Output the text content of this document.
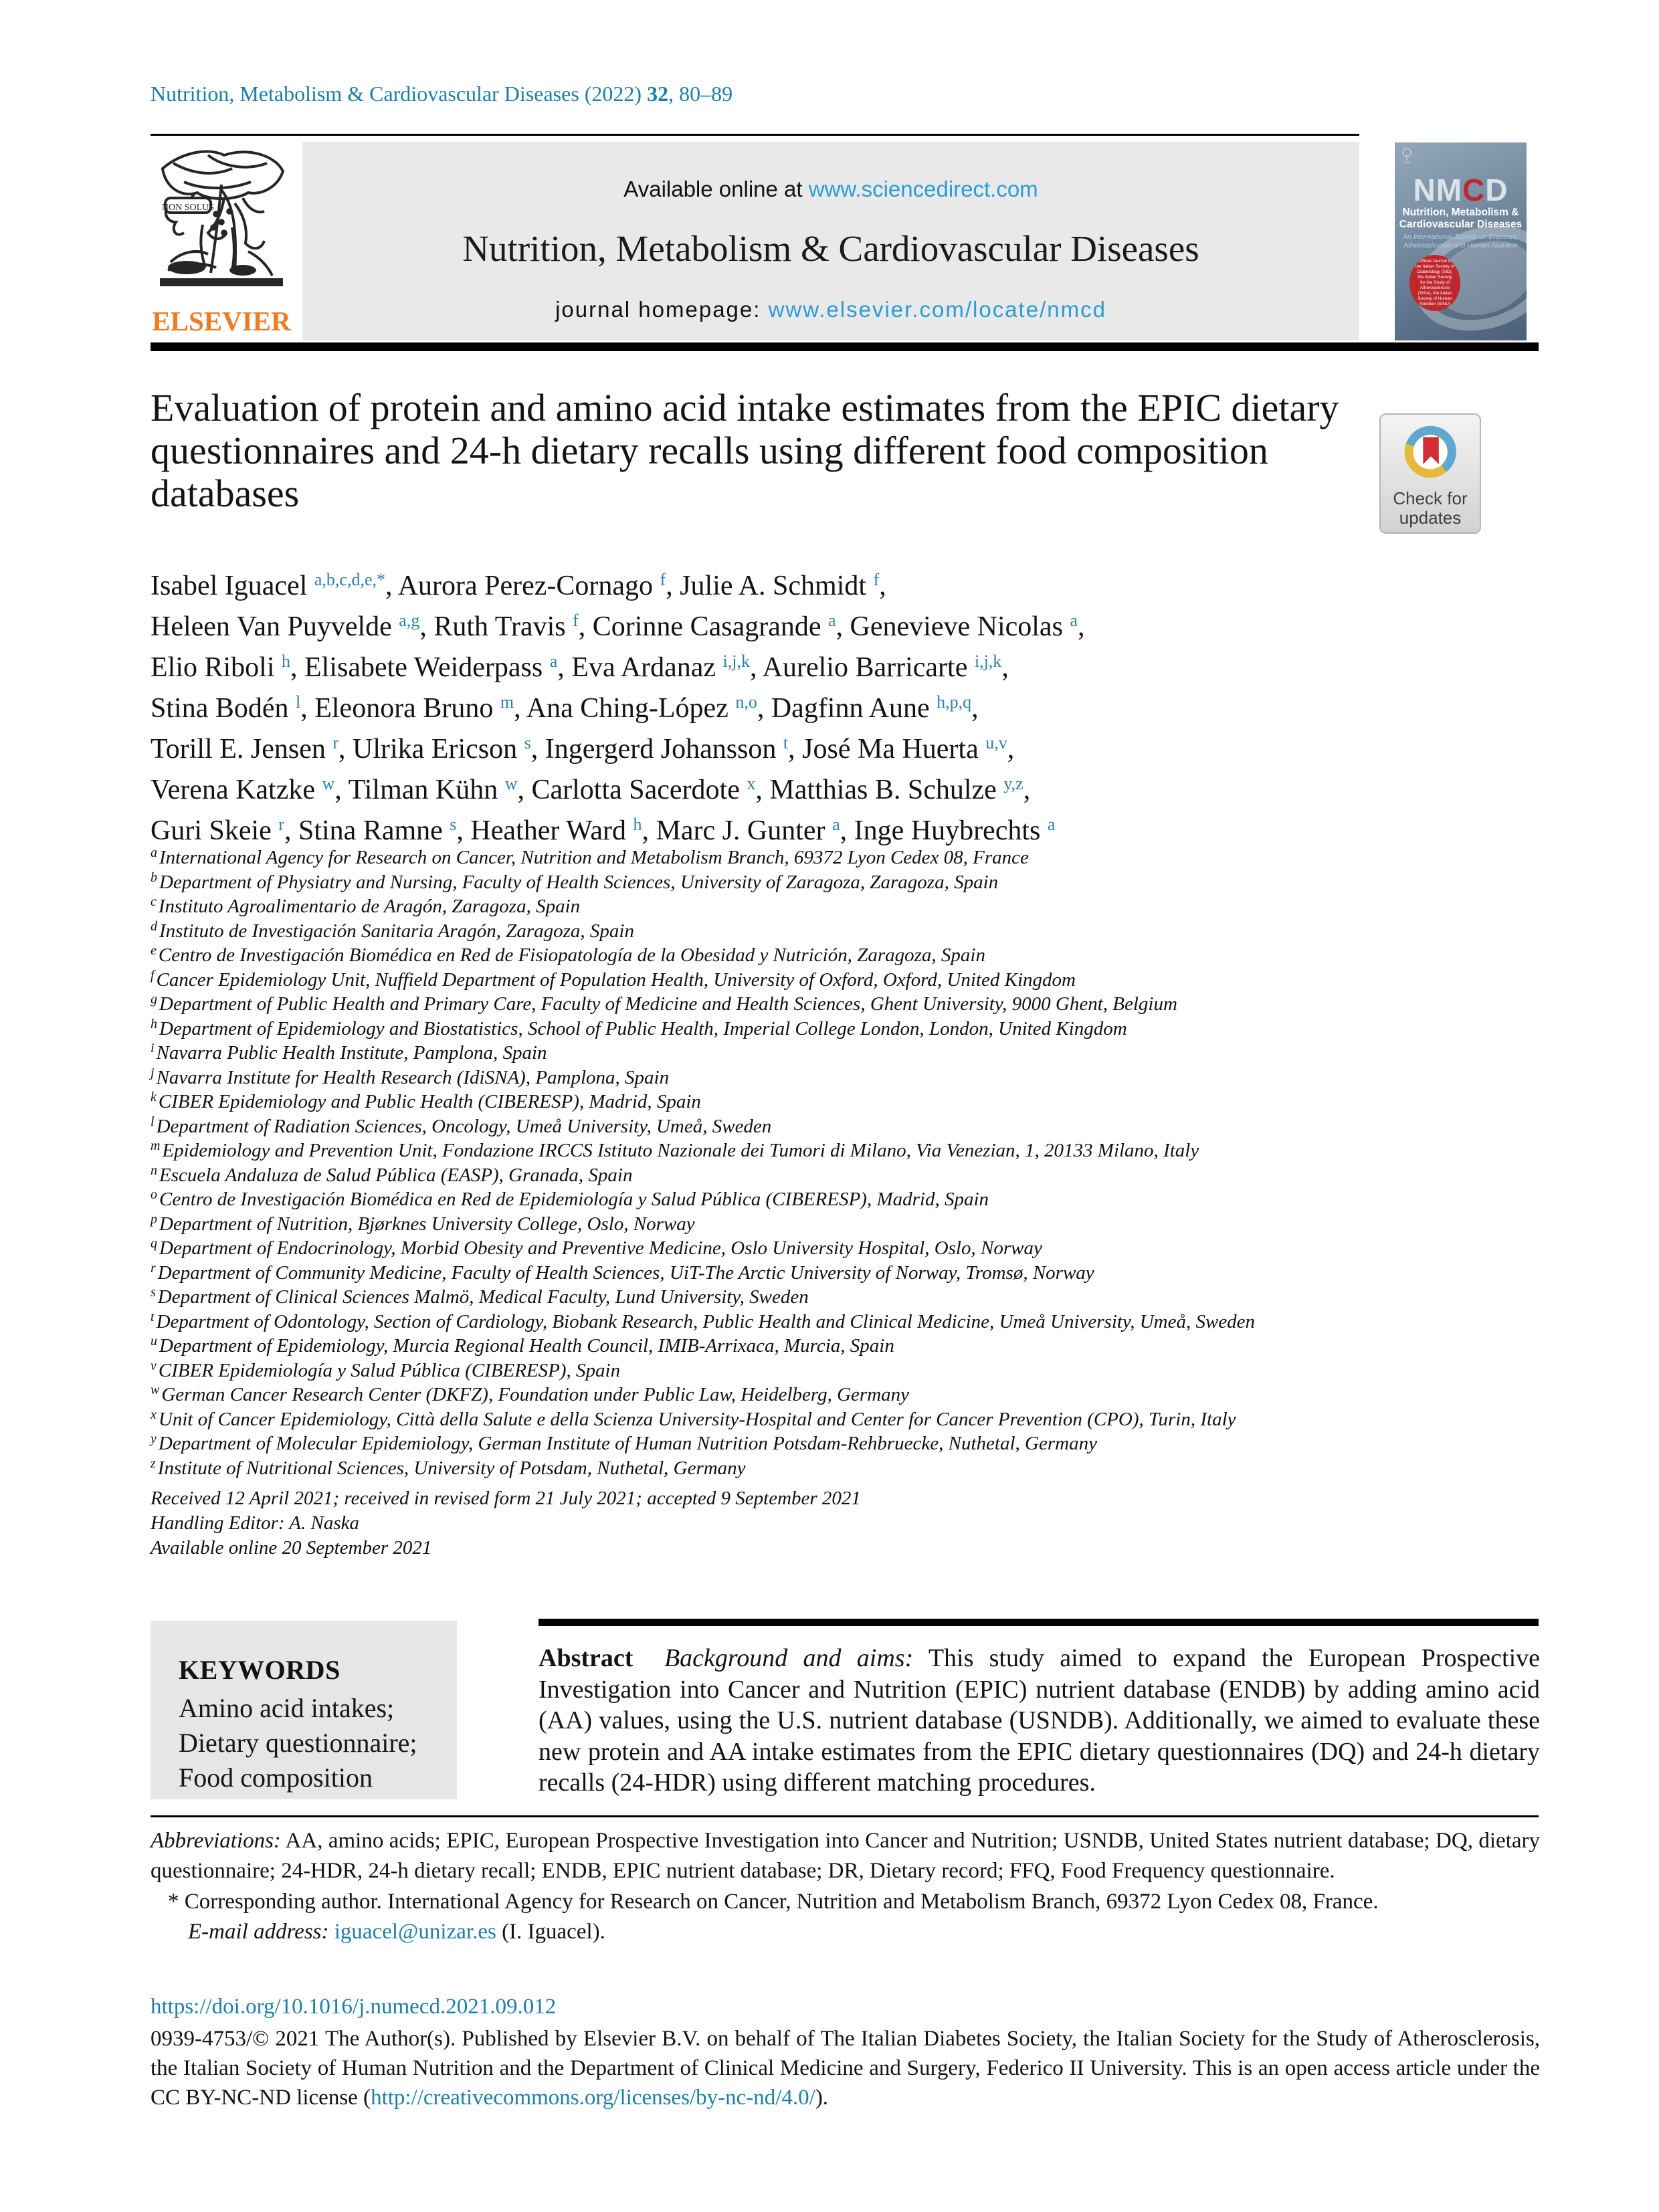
Nutrition, Metabolism & Cardiovascular Diseases (2022) 32, 80–89
NON SOLUS
ELSEVIER
Available online at www.sciencedirect.com
Nutrition, Metabolism & Cardiovascular Diseases
journal homepage: www.elsevier.com/locate/nmcd
NMCD
Nutrition, Metabolism &
Cardiovascular Diseases
An International Journal on Diabetes, Atherosclerosis and Human Nutrition
Official Journal of the Italian Society of Diabetology (SID), the Italian Society for the Study of Atherosclerosis (SISA), the Italian Society of Human Nutrition (SINU)
Evaluation of protein and amino acid intake estimates from the EPIC dietary questionnaires and 24-h dietary recalls using different food composition databases	Check for updates
Isabel Iguacel $^{a,b,c,d,e,*}$, Aurora Perez-Cornago $^f$, Julie A. Schmidt $^f$,
Heleen Van Puyvelde $^{a,g}$, Ruth Travis $^f$, Corinne Casagrande $^a$, Genevieve Nicolas $^a$,
Elio Riboli $^h$, Elisabete Weiderpass $^a$, Eva Ardanaz $^{i,j,k}$, Aurelio Barricarte $^{i,j,k}$,
Stina Bodén $^l$, Eleonora Bruno $^m$, Ana Ching-López $^{n,o}$, Dagfinn Aune $^{h,p,q}$,
Torill E. Jensen $^r$, Ulrika Ericson $^s$, Ingergerd Johansson $^t$, José Ma Huerta $^{u,v}$,
Verena Katzke $^w$, Tilman Kühn $^w$, Carlotta Sacerdote $^x$, Matthias B. Schulze $^{y,z}$,
Guri Skeie $^r$, Stina Ramne $^s$, Heather Ward $^h$, Marc J. Gunter $^a$, Inge Huybrechts $^a$
$^a$ International Agency for Research on Cancer, Nutrition and Metabolism Branch, 69372 Lyon Cedex 08, France
$^b$ Department of Physiatry and Nursing, Faculty of Health Sciences, University of Zaragoza, Zaragoza, Spain
$^c$ Instituto Agroalimentario de Aragón, Zaragoza, Spain
$^d$ Instituto de Investigación Sanitaria Aragón, Zaragoza, Spain
$^e$ Centro de Investigación Biomédica en Red de Fisiopatología de la Obesidad y Nutrición, Zaragoza, Spain
$^f$ Cancer Epidemiology Unit, Nuffield Department of Population Health, University of Oxford, Oxford, United Kingdom
$^g$ Department of Public Health and Primary Care, Faculty of Medicine and Health Sciences, Ghent University, 9000 Ghent, Belgium
$^h$ Department of Epidemiology and Biostatistics, School of Public Health, Imperial College London, London, United Kingdom
$^i$ Navarra Public Health Institute, Pamplona, Spain
$^j$ Navarra Institute for Health Research (IdiSNA), Pamplona, Spain
$^k$ CIBER Epidemiology and Public Health (CIBERESP), Madrid, Spain
$^l$ Department of Radiation Sciences, Oncology, Umeå University, Umeå, Sweden
$^m$ Epidemiology and Prevention Unit, Fondazione IRCCS Istituto Nazionale dei Tumori di Milano, Via Venezian, 1, 20133 Milano, Italy
$^n$ Escuela Andaluza de Salud Pública (EASP), Granada, Spain
$^o$ Centro de Investigación Biomédica en Red de Epidemiología y Salud Pública (CIBERESP), Madrid, Spain
$^p$ Department of Nutrition, Bjørknes University College, Oslo, Norway
$^q$ Department of Endocrinology, Morbid Obesity and Preventive Medicine, Oslo University Hospital, Oslo, Norway
$^r$ Department of Community Medicine, Faculty of Health Sciences, UiT-The Arctic University of Norway, Tromsø, Norway
$^s$ Department of Clinical Sciences Malmö, Medical Faculty, Lund University, Sweden
$^t$ Department of Odontology, Section of Cardiology, Biobank Research, Public Health and Clinical Medicine, Umeå University, Umeå, Sweden
$^u$ Department of Epidemiology, Murcia Regional Health Council, IMIB-Arrixaca, Murcia, Spain
$^v$ CIBER Epidemiología y Salud Pública (CIBERESP), Spain
$^w$ German Cancer Research Center (DKFZ), Foundation under Public Law, Heidelberg, Germany
$^x$ Unit of Cancer Epidemiology, Città della Salute e della Scienza University-Hospital and Center for Cancer Prevention (CPO), Turin, Italy
$^y$ Department of Molecular Epidemiology, German Institute of Human Nutrition Potsdam-Rehbruecke, Nuthetal, Germany
$^z$ Institute of Nutritional Sciences, University of Potsdam, Nuthetal, Germany
Received 12 April 2021; received in revised form 21 July 2021; accepted 9 September 2021
Handling Editor: A. Naska
Available online 20 September 2021
KEYWORDS
Amino acid intakes;
Dietary questionnaire;
Food composition
Abstract Background and aims: This study aimed to expand the European Prospective Investigation into Cancer and Nutrition (EPIC) nutrient database (ENDB) by adding amino acid (AA) values, using the U.S. nutrient database (USNDB). Additionally, we aimed to evaluate these new protein and AA intake estimates from the EPIC dietary questionnaires (DQ) and 24-h dietary recalls (24-HDR) using different matching procedures.
Abbreviations: AA, amino acids; EPIC, European Prospective Investigation into Cancer and Nutrition; USNDB, United States nutrient database; DQ, dietary questionnaire; 24-HDR, 24-h dietary recall; ENDB, EPIC nutrient database; DR, Dietary record; FFQ, Food Frequency questionnaire.
* Corresponding author. International Agency for Research on Cancer, Nutrition and Metabolism Branch, 69372 Lyon Cedex 08, France.
E-mail address: iguacel@unizar.es (I. Iguacel).
https://doi.org/10.1016/j.numecd.2021.09.012
0939-4753/© 2021 The Author(s). Published by Elsevier B.V. on behalf of The Italian Diabetes Society, the Italian Society for the Study of Atherosclerosis, the Italian Society of Human Nutrition and the Department of Clinical Medicine and Surgery, Federico II University. This is an open access article under the CC BY-NC-ND license (http://creativecommons.org/licenses/by-nc-nd/4.0/).
